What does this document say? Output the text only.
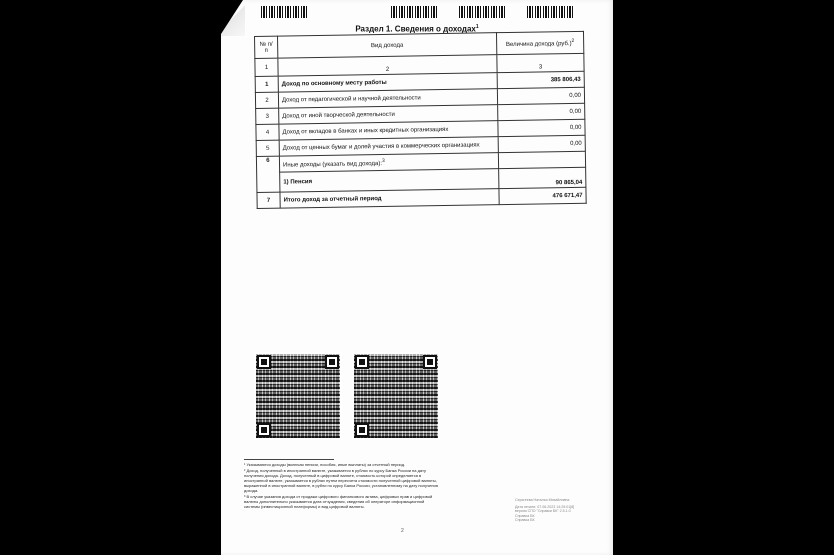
Раздел 1. Сведения о доходах$^1$
№ п/п	Вид дохода	Величина дохода $(руб.)^2$
1	2	3
1	Доход по основному месту работы	385 806,43
2	Доход от педагогической и научной деятельности	0,00
3	Доход от иной творческой деятельности	0,00
4	Доход от вкладов в банках и иных кредитных организациях	0,00
5	Доход от ценных бумаг и долей участия в коммерческих организациях	0,00
6	Иные доходы (указать вид дохода):$^3$	
	1) Пенсия	90 865,04
7	Итого доход за отчетный период	476 671,47

¹ Указываются доходы (включая пенсии, пособия, иные выплаты) за отчетный период.

² Доход, полученный в иностранной валюте, указывается в рублях по курсу Банка России на дату получения дохода. Доход, полученный в цифровой валюте, стоимость которой определяется в иностранной валюте, указывается в рублях путем пересчета стоимости полученной цифровой валюты, выраженной в иностранной валюте, в рубли по курсу Банка России, установленному на дату получения дохода.

³ В случае указания дохода от продажи цифрового финансового актива, цифровых прав и цифровой валюты дополнительно указывается дата отчуждения, сведения об операторе информационной системы (инвестиционной платформы) и вид цифровой валюты.

2
Серьгеева Наталья Михайловна
Дата печати: 07.06.2023 14:25:01[8]
версия СПО "Справки БК" 2.5.1.0
Справка БК
Справка БК
